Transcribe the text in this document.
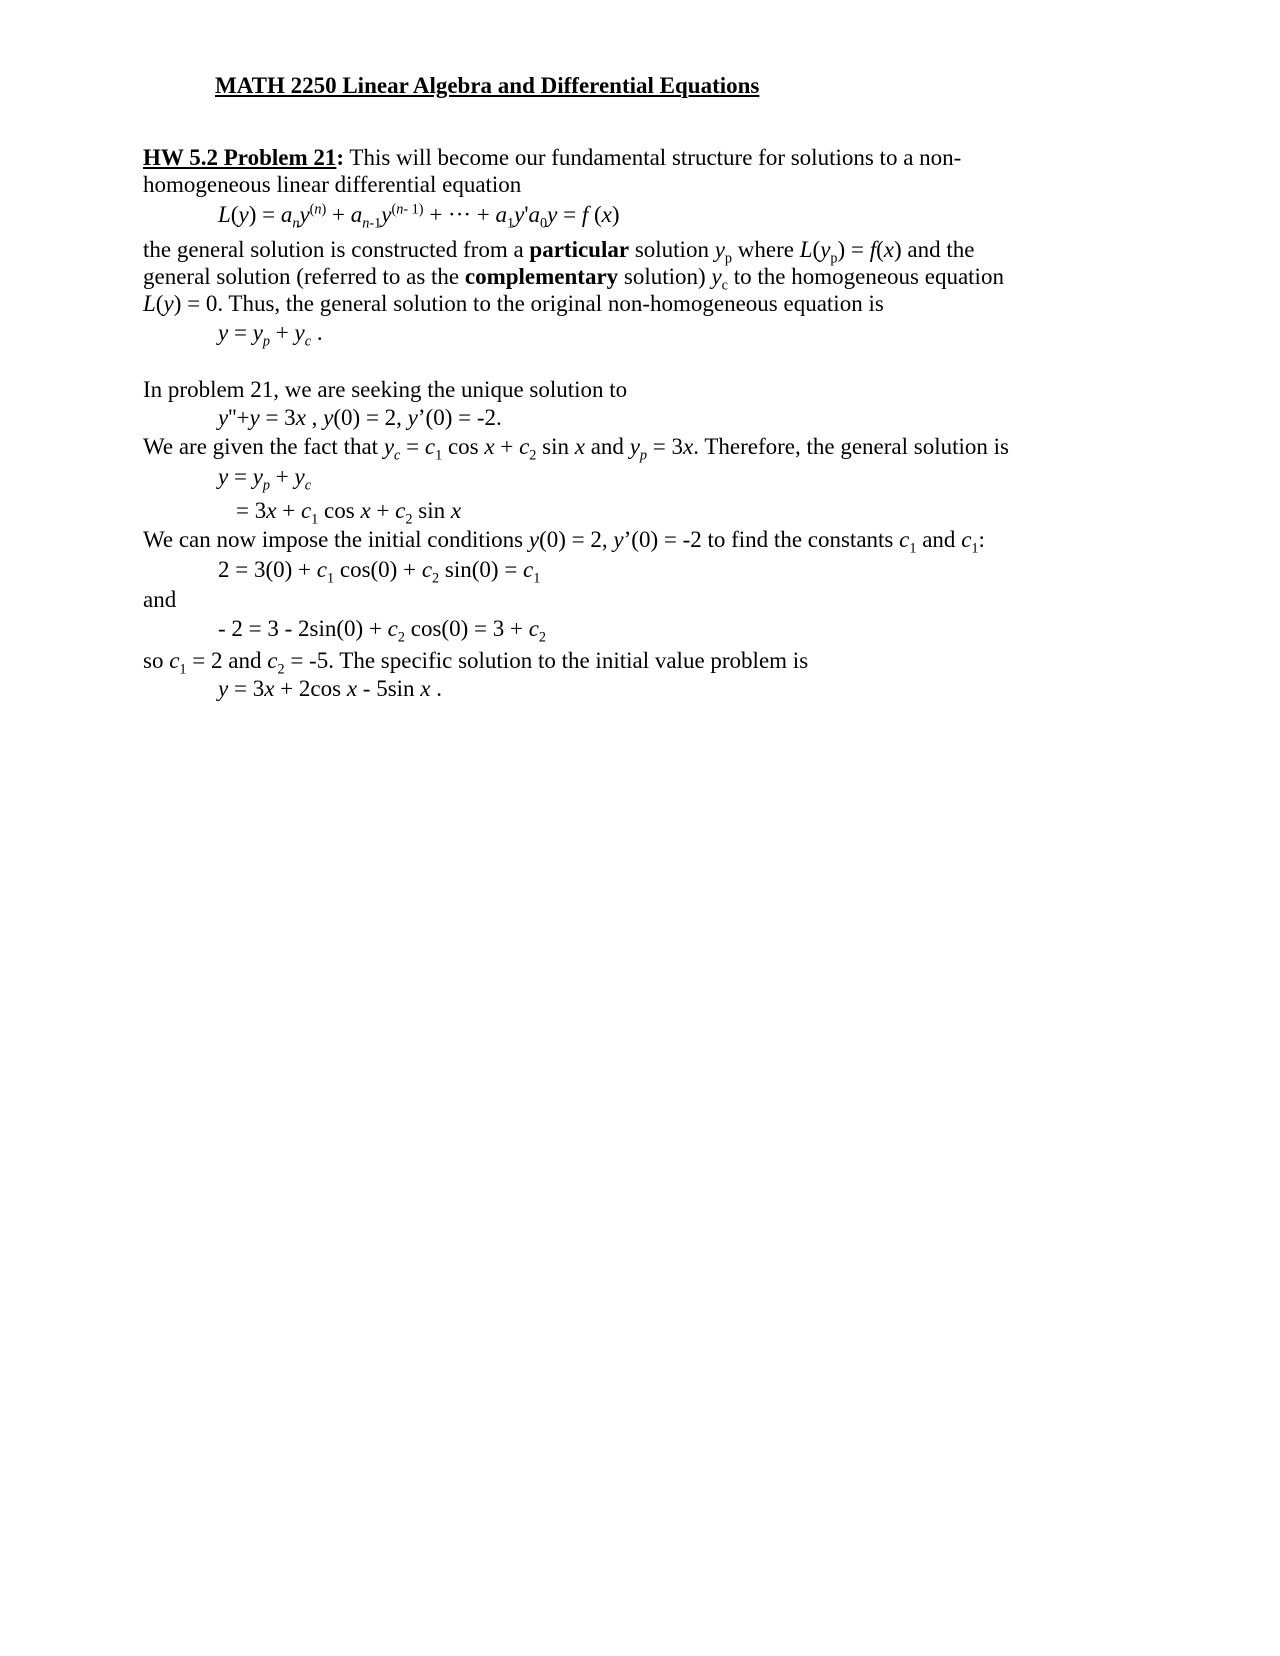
MATH 2250 Linear Algebra and Differential Equations
HW 5.2 Problem 21: This will become our fundamental structure for solutions to a non-
homogeneous linear differential equation
$L(y) = a_ny^{(n)} + a_{n-1}y^{(n- 1)}$ + ··· + $a_1y'a_0y = f$ (x)
the general solution is constructed from a particular solution $y_p$ where $L(y_p) = f(x)$ and the
general solution (referred to as the complementary solution) $y_c$ to the homogeneous equation
L(y) = 0. Thus, the general solution to the original non-homogeneous equation is
$y = y_p + y_c$ .
In problem 21, we are seeking the unique solution to
y''+y = 3x , y(0) = 2, y’(0) = -2.
We are given the fact that $y_c = c_1$ $\cos x + c_2$ sin x and $y_p = 3x$. Therefore, the general solution is
$y = y_p + y_c$
= $3x + c_1$ $\cos x + c_2$ sin x
We can now impose the initial conditions y(0) = 2, y’(0) = -2 to find the constants $c_1$ and $c_1$:
$2 = 3(0) + c_1$ $\cos(0) + c_2$ $\sin(0) = c_1$
and
- $2 = 3 - 2\sin(0) + c_2$ $\cos(0) = 3 + c_2$
so $c_1 = 2$ and $c_2 = -5$. The specific solution to the initial value problem is
y = 3x + 2cos x - 5sin x .
